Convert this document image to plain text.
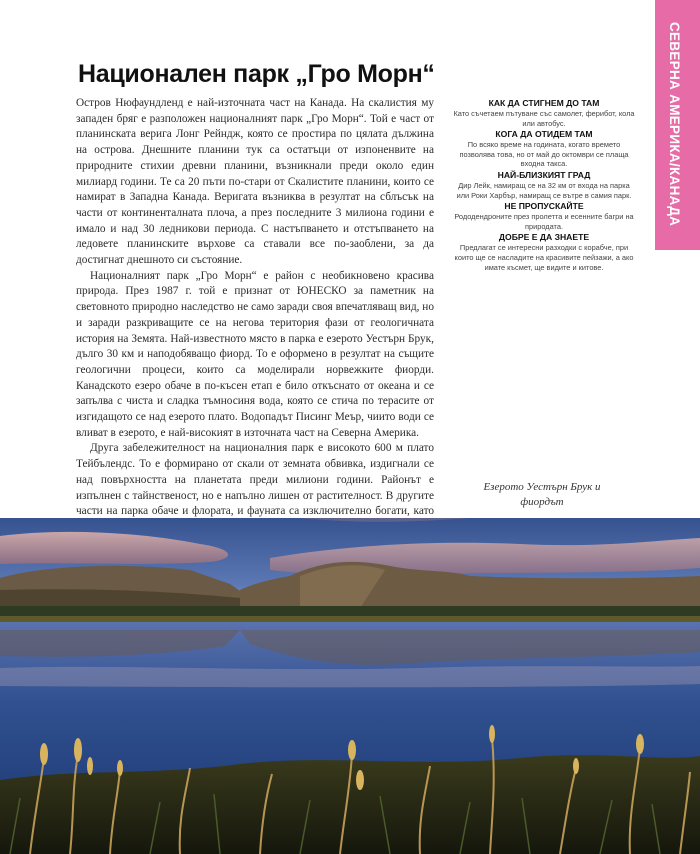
СЕВЕРНА АМЕРИКА/КАНАДА
Национален парк „Гро Морн“

Остров Нюфаундленд е най-източната част на Канада. На скалистия му западен бряг е разположен националният парк „Гро Морн“. Той е част от планинската верига Лонг Рейндж, която се простира по цялата дължина на острова. Днешните планини тук са остатъци от изпоненвите на природните стихии древни планини, възникнали преди около един милиард години. Те са 20 пъти по-стари от Скалистите планини, които се намират в Западна Канада. Веригата възниква в резултат на сблъсък на части от континенталната плоча, а през последните 3 милиона години е имало и над 30 ледникови периода. С настъпването и отстъпването на ледовете планинските върхове са ставали все по-заоблени, за да достигнат днешното си състояние.

Националният парк „Гро Морн“ е район с необикновено красива природа. През 1987 г. той е признат от ЮНЕСКО за паметник на световното природно наследство не само заради своя впечатляващ вид, но и заради разкриващите се на негова територия фази от геологичната история на Земята. Най-известното място в парка е езерото Уестърн Брук, дълго 30 км и наподобяващо фиорд. То е оформено в резултат на същите геологични процеси, които са моделирали норвежките фиорди. Канадското езеро обаче в по-късен етап е било откъснато от океана и се запълва с чиста и сладка тъмносиня вода, която се стича по терасите от изгидащото се над езерото плато. Водопадът Писинг Меър, чиито води се вливат в езерото, е най-високият в източната част на Северна Америка.

Друга забележителност на националния парк е високото 600 м плато Тейбълендс. То е формирано от скали от земната обвивка, издигнали се над повърхността на планетата преди милиони години. Районът е изпълнен с тайнственост, но е напълно лишен от растителност. В другите части на парка обаче и флората, и фауната са изключително богати, като

КАК ДА СТИГНЕМ ДО ТАМ
Като съчетаем пътуване със самолет, ферибот, кола или автобус.
КОГА ДА ОТИДЕМ ТАМ
По всяко време на годината, когато времето позволява това, но от май до октомври се плаща входна такса.
НАЙ-БЛИЗКИЯТ ГРАД
Дир Лейк, намиращ се на 32 км от входа на парка или Роки Харбър, намиращ се вътре в самия парк.
НЕ ПРОПУСКАЙТЕ
Рододендроните през пролетта и есенните багри на природата.
ДОБРЕ Е ДА ЗНАЕТЕ
Предлагат се интересни разходки с корабче, при които ще се насладите на красивите пейзажи, а ако имате късмет, ще видите и китове.
Езерото Уестърн Брук и фиордът
